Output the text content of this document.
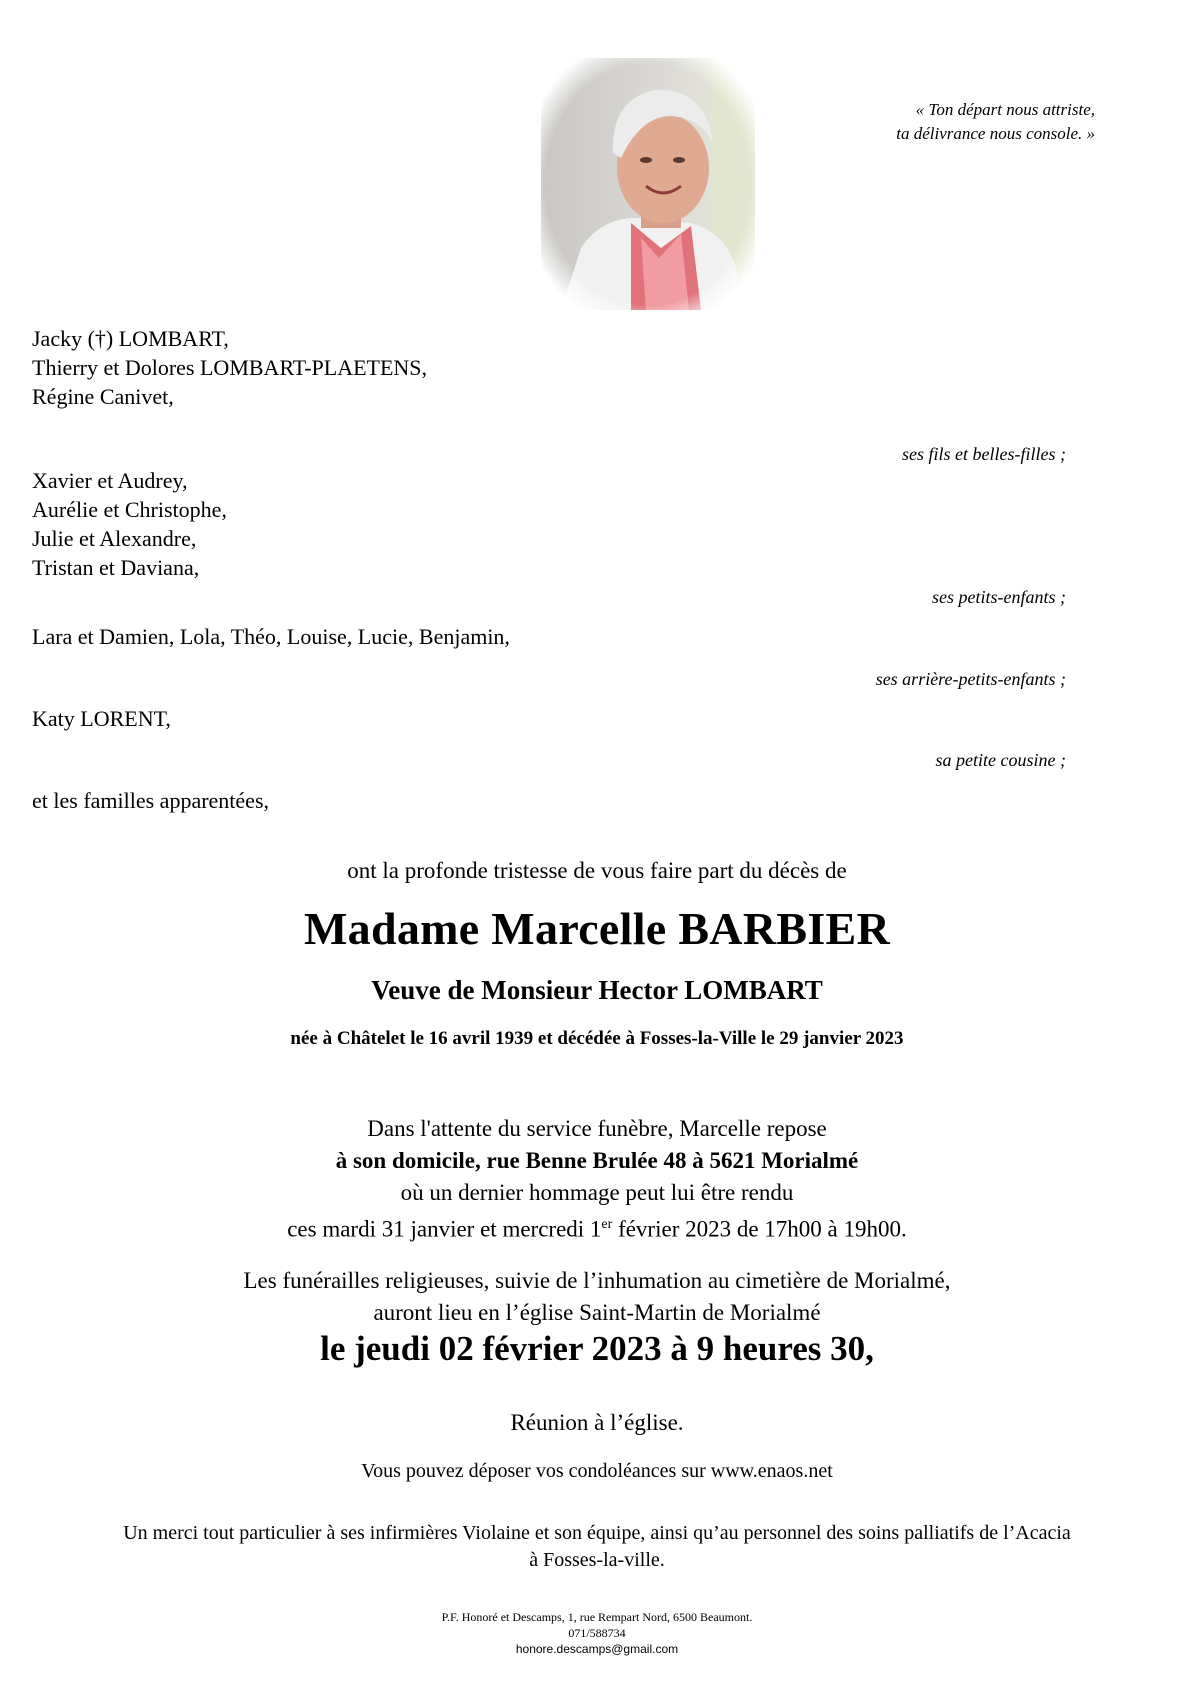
« Ton départ nous attriste,
ta délivrance nous console. »
Jacky (†) LOMBART,
Thierry et Dolores LOMBART-PLAETENS,
Régine Canivet,
ses fils et belles-filles ;
Xavier et Audrey,
Aurélie et Christophe,
Julie et Alexandre,
Tristan et Daviana,
ses petits-enfants ;
Lara et Damien, Lola, Théo, Louise, Lucie, Benjamin,
ses arrière-petits-enfants ;
Katy LORENT,
sa petite cousine ;
et les familles apparentées,
ont la profonde tristesse de vous faire part du décès de
Madame Marcelle BARBIER
Veuve de Monsieur Hector LOMBART
née à Châtelet le 16 avril 1939 et décédée à Fosses-la-Ville le 29 janvier 2023
Dans l'attente du service funèbre, Marcelle repose
à son domicile, rue Benne Brulée 48 à 5621 Morialmé
où un dernier hommage peut lui être rendu
ces mardi 31 janvier et mercredi 1er février 2023 de 17h00 à 19h00.
Les funérailles religieuses, suivie de l’inhumation au cimetière de Morialmé,
auront lieu en l’église Saint-Martin de Morialmé
le jeudi 02 février 2023 à 9 heures 30,
Réunion à l’église.
Vous pouvez déposer vos condoléances sur www.enaos.net
Un merci tout particulier à ses infirmières Violaine et son équipe, ainsi qu’au personnel des soins palliatifs de l’Acacia
à Fosses-la-ville.
P.F. Honoré et Descamps, 1, rue Rempart Nord, 6500 Beaumont.
071/588734
honore.descamps@gmail.com
